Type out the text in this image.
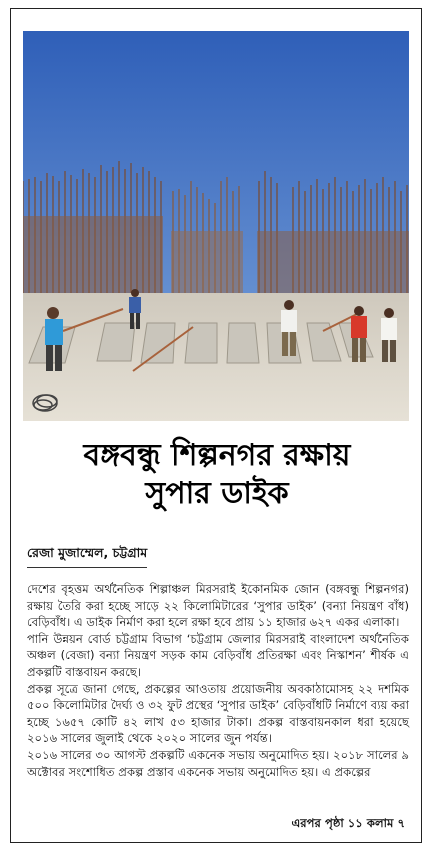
বঙ্গবন্ধু শিল্পনগর রক্ষায়
সুপার ডাইক
রেজা মুজাম্মেল, চট্টগ্রাম

দেশের বৃহত্তম অর্থনৈতিক শিল্পাঞ্চল মিরসরাই ইকোনমিক জোন (বঙ্গবন্ধু শিল্পনগর) রক্ষায় তৈরি করা হচ্ছে সাড়ে ২২ কিলোমিটারের ‘সুপার ডাইক’ (বন্যা নিয়ন্ত্রণ বাঁধ) বেড়িবাঁধ। এ ডাইক নির্মাণ করা হলে রক্ষা হবে প্রায় ১১ হাজার ৬২৭ একর এলাকা।

পানি উন্নয়ন বোর্ড চট্টগ্রাম বিভাগ ‘চট্টগ্রাম জেলার মিরসরাই বাংলাদেশ অর্থনৈতিক অঞ্চল (বেজা) বন্যা নিয়ন্ত্রণ সড়ক কাম বেড়িবাঁধ প্রতিরক্ষা এবং নিস্কাশন’ শীর্ষক এ প্রকল্পটি বাস্তবায়ন করছে।

প্রকল্প সূত্রে জানা গেছে, প্রকল্পের আওতায় প্রয়োজনীয় অবকাঠামোসহ ২২ দশমিক ৫০০ কিলোমিটার দৈর্ঘ্য ও ৩২ ফুট প্রস্থের ‘সুপার ডাইক’ বেড়িবাঁধটি নির্মাণে ব্যয় করা হচ্ছে ১৬৫৭ কোটি ৪২ লাখ ৫৩ হাজার টাকা। প্রকল্প বাস্তবায়নকাল ধরা হয়েছে ২০১৬ সালের জুলাই থেকে ২০২০ সালের জুন পর্যন্ত।

২০১৬ সালের ৩০ আগস্ট প্রকল্পটি একনেক সভায় অনুমোদিত হয়। ২০১৮ সালের ৯ অক্টোবর সংশোধিত প্রকল্প প্রস্তাব একনেক সভায় অনুমোদিত হয়। এ প্রকল্পের

এরপর পৃষ্ঠা ১১ কলাম ৭
